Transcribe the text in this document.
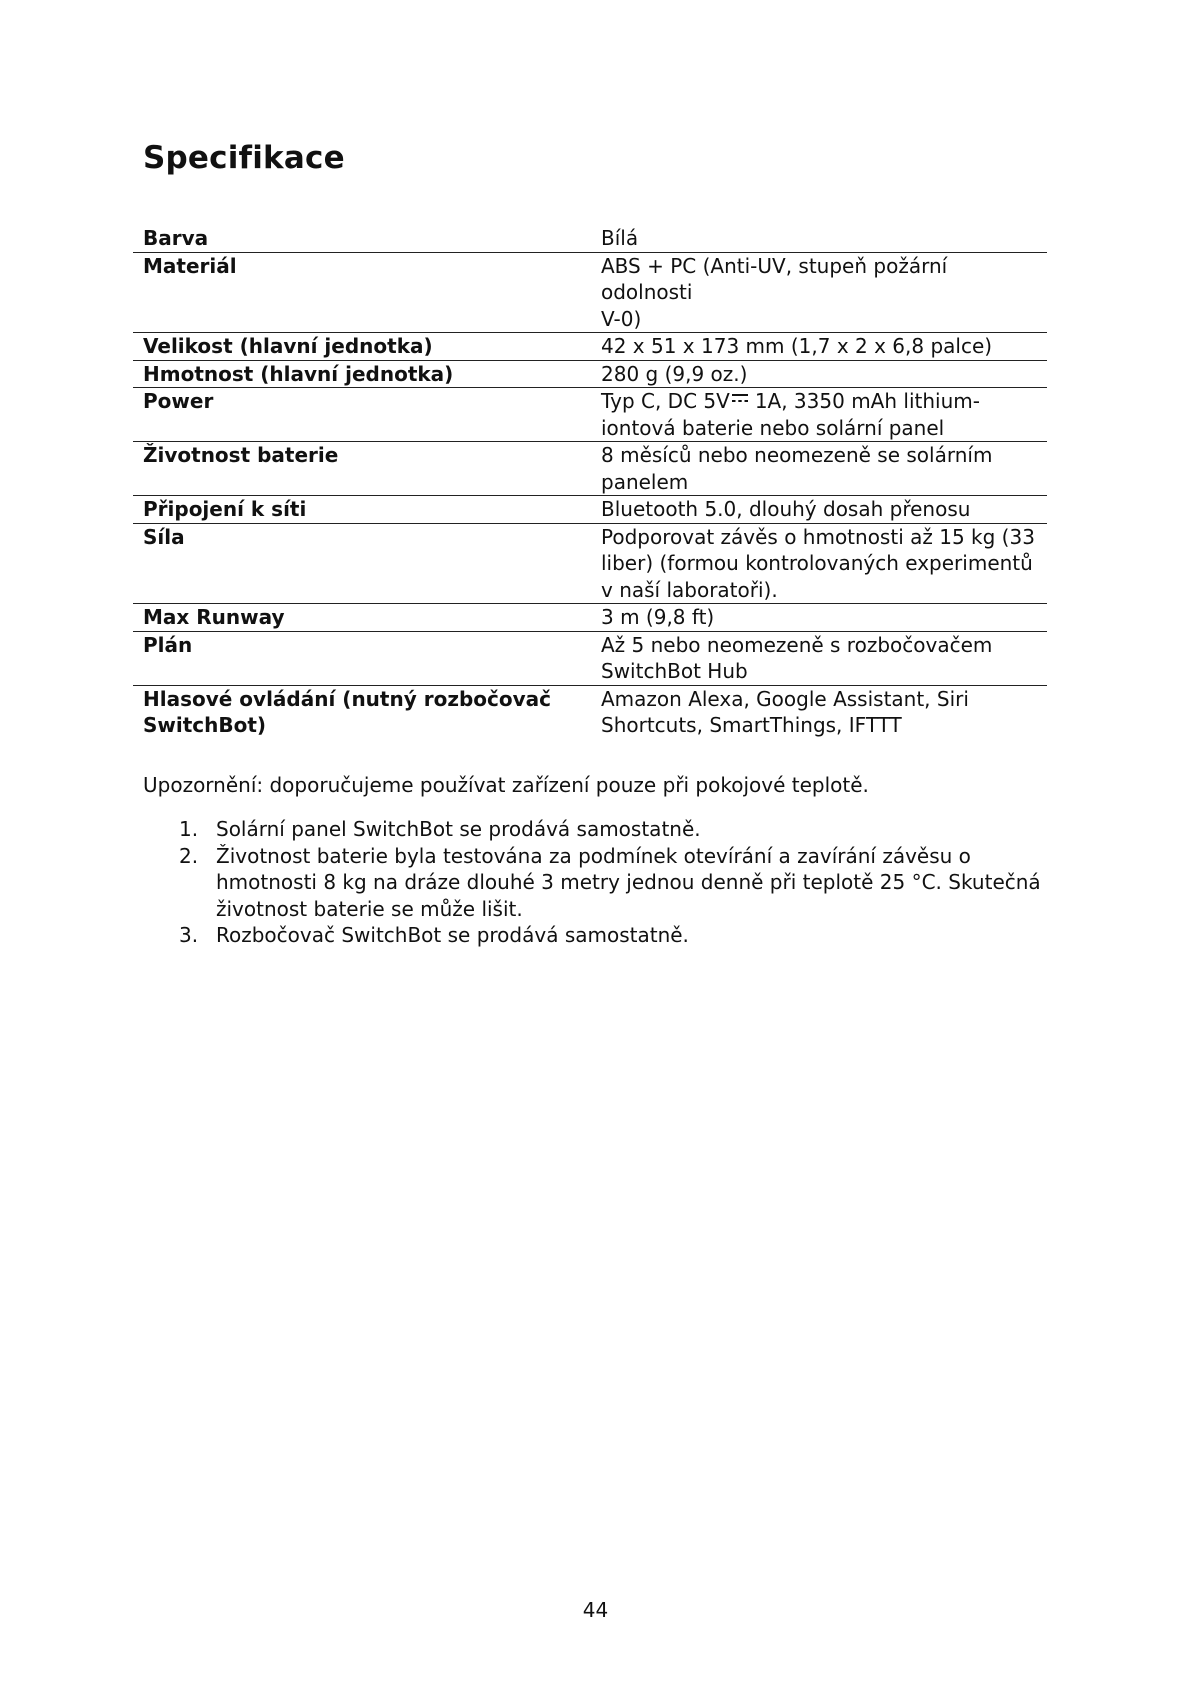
Specifikace
Barva	Bílá
Materiál	ABS + PC (Anti-UV, stupeň požární
odolnosti
V-0)
Velikost (hlavní jednotka)	42 x 51 x 173 mm (1,7 x 2 x 6,8 palce)
Hmotnost (hlavní jednotka)	280 g (9,9 oz.)
Power	Typ C, DC 5V 1A, 3350 mAh lithium-
iontová baterie nebo solární panel
Životnost baterie	8 měsíců nebo neomezeně se solárním
panelem
Připojení k síti	Bluetooth 5.0, dlouhý dosah přenosu
Síla	Podporovat závěs o hmotnosti až 15 kg (33
liber) (formou kontrolovaných experimentů
v naší laboratoři).
Max Runway	3 m (9,8 ft)
Plán	Až 5 nebo neomezeně s rozbočovačem
SwitchBot Hub
Hlasové ovládání (nutný rozbočovač SwitchBot)	Amazon Alexa, Google Assistant, Siri
Shortcuts, SmartThings, IFTTT

Upozornění: doporučujeme používat zařízení pouze při pokojové teplotě.

1. Solární panel SwitchBot se prodává samostatně.
2. Životnost baterie byla testována za podmínek otevírání a zavírání závěsu o hmotnosti 8 kg na dráze dlouhé 3 metry jednou denně při teplotě 25 °C. Skutečná životnost baterie se může lišit.
3. Rozbočovač SwitchBot se prodává samostatně.
44
